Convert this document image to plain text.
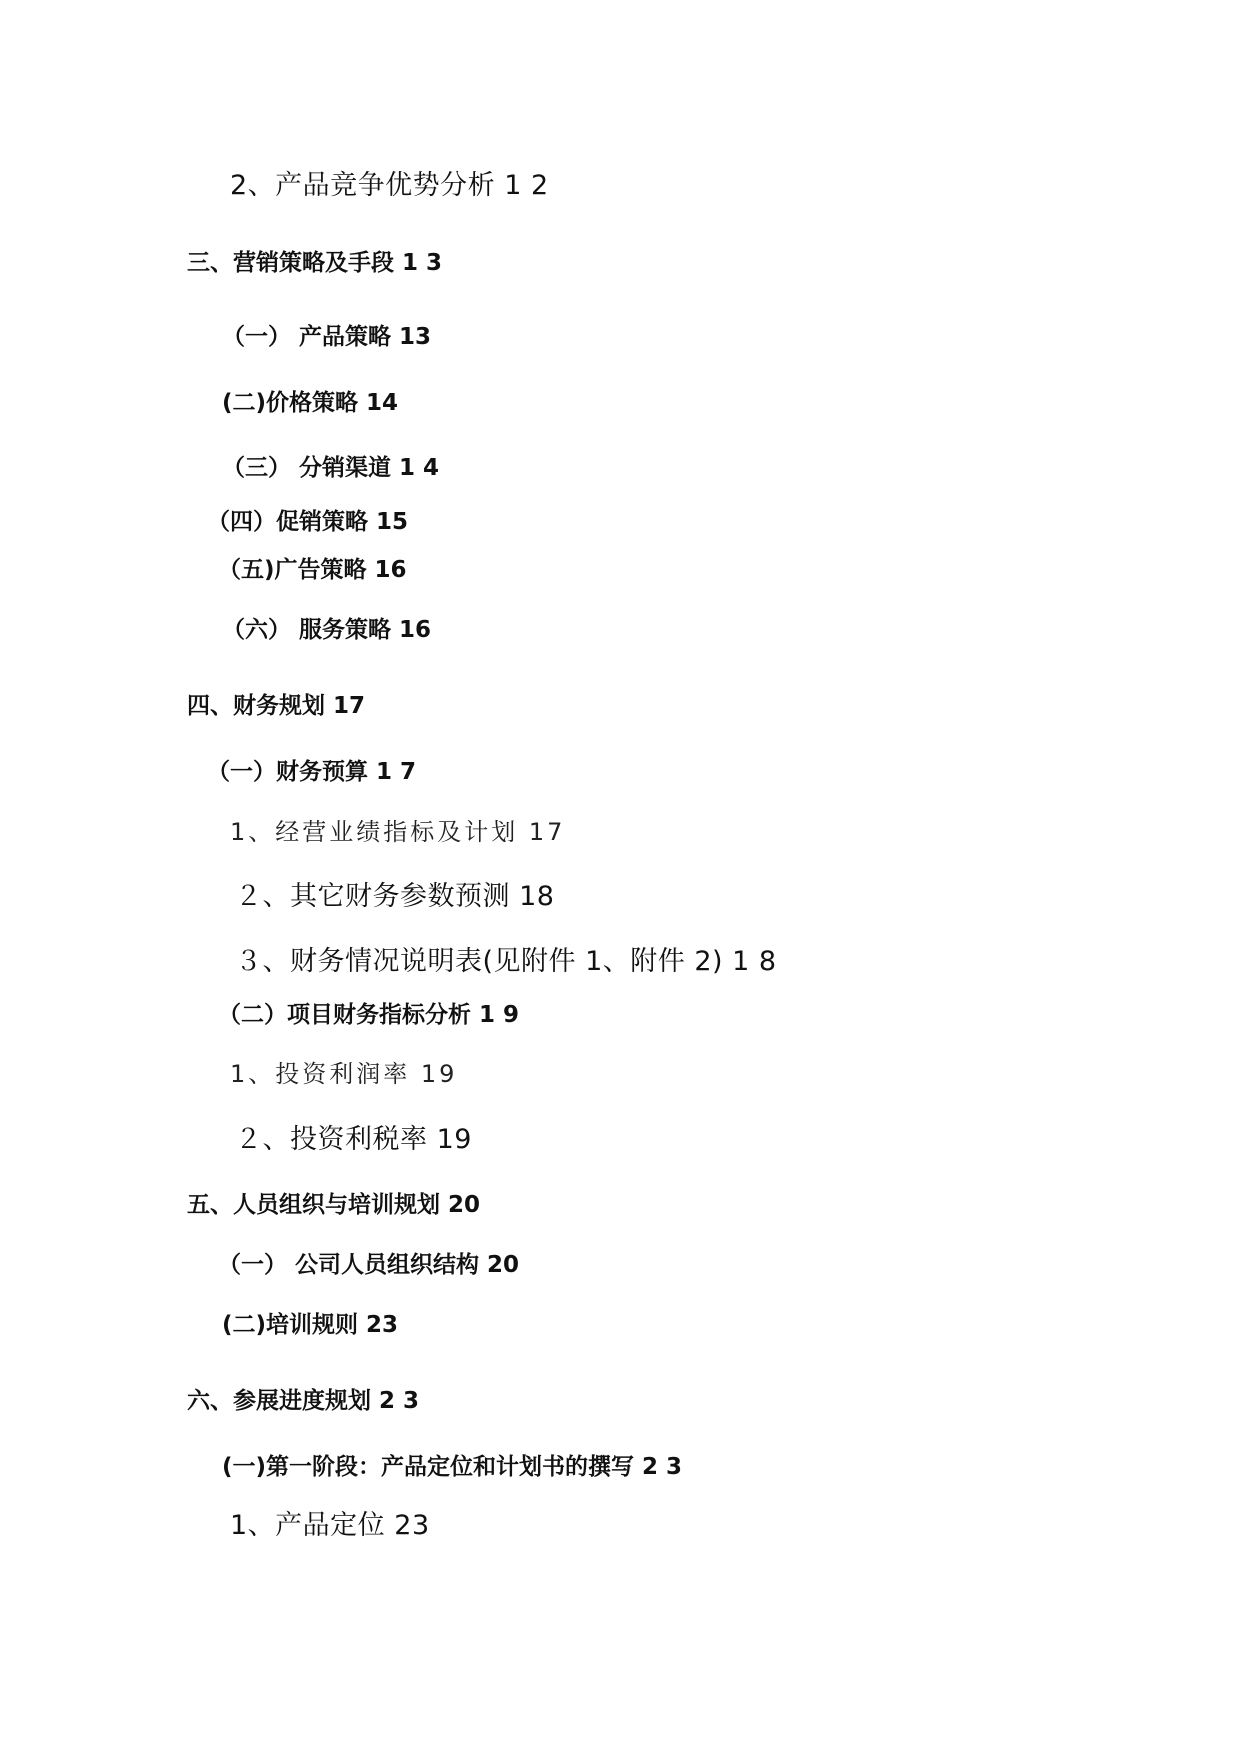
2、产品竞争优势分析 1 2
三、营销策略及手段 1 3
（一） 产品策略 13
(二)价格策略 14
（三） 分销渠道 1 4
（四）促销策略 15
（五)广告策略 16
（六） 服务策略 16
四、财务规划 17
（一）财务预算 1 7
1、经营业绩指标及计划 17
２、其它财务参数预测 18
３、财务情况说明表(见附件 1、附件 2) 1 8
（二）项目财务指标分析 1 9
1、投资利润率 19
２、投资利税率 19
五、人员组织与培训规划 20
（一） 公司人员组织结构 20
(二)培训规则 23
六、参展进度规划 2 3
(一)第一阶段：产品定位和计划书的撰写 2 3
1、产品定位 23
